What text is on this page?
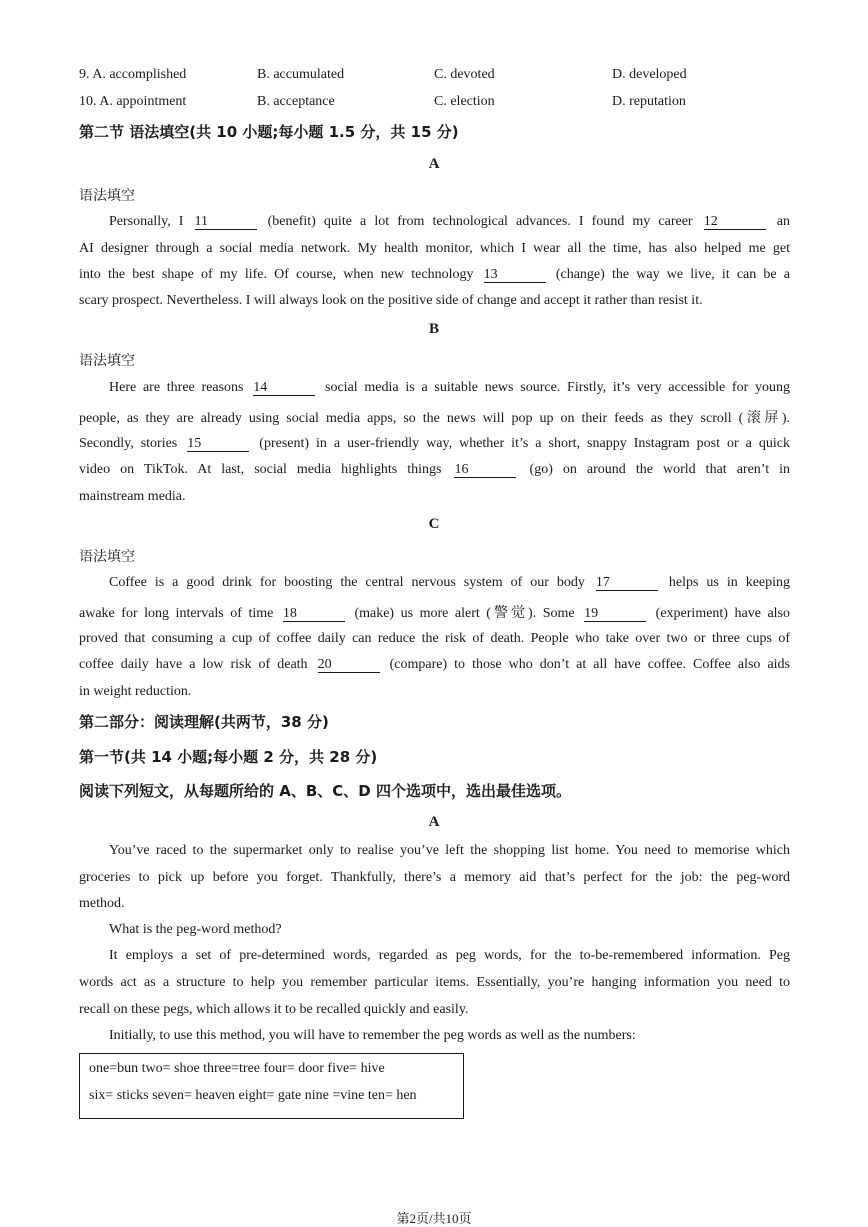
9. A. accomplished	B. accumulated	C. devoted	D. developed
10. A. appointment	B. acceptance	C. election	D. reputation
第二节 语法填空(共 10 小题;每小题 1.5 分，共 15 分)
A
语法填空
Personally, I 11	(benefit) quite a lot from technological advances. I found my career 12	an
AI designer through a social media network. My health monitor, which I wear all the time, has also helped me get
into the best shape of my life. Of course, when new technology 13	(change) the way we live, it can be a
scary prospect. Nevertheless. I will always look on the positive side of change and accept it rather than resist it.
B
语法填空
Here are three reasons 14	social media is a suitable news source. Firstly, it’s very accessible for young
people, as they are already using social media apps, so the news will pop up on their feeds as they scroll (滚屏).
Secondly, stories 15	(present) in a user-friendly way, whether it’s a short, snappy Instagram post or a quick
video on TikTok. At last, social media highlights things 16	(go) on around the world that aren’t in
mainstream media.
C
语法填空
Coffee is a good drink for boosting the central nervous system of our body 17	helps us in keeping
awake for long intervals of time 18	(make) us more alert (警觉). Some 19	(experiment) have also
proved that consuming a cup of coffee daily can reduce the risk of death. People who take over two or three cups of
coffee daily have a low risk of death 20	(compare) to those who don’t at all have coffee. Coffee also aids
in weight reduction.
第二部分：阅读理解(共两节，38 分)
第一节(共 14 小题;每小题 2 分，共 28 分)
阅读下列短文，从每题所给的 A、B、C、D 四个选项中，选出最佳选项。
A
You’ve raced to the supermarket only to realise you’ve left the shopping list home. You need to memorise which
groceries to pick up before you forget. Thankfully, there’s a memory aid that’s perfect for the job: the peg-word
method.
What is the peg-word method?
It employs a set of pre-determined words, regarded as peg words, for the to-be-remembered information. Peg
words act as a structure to help you remember particular items. Essentially, you’re hanging information you need to
recall on these pegs, which allows it to be recalled quickly and easily.
Initially, to use this method, you will have to remember the peg words as well as the numbers:
one=bun two= shoe three=tree four= door five= hive
six= sticks seven= heaven eight= gate nine =vine ten= hen
第2页/共10页
